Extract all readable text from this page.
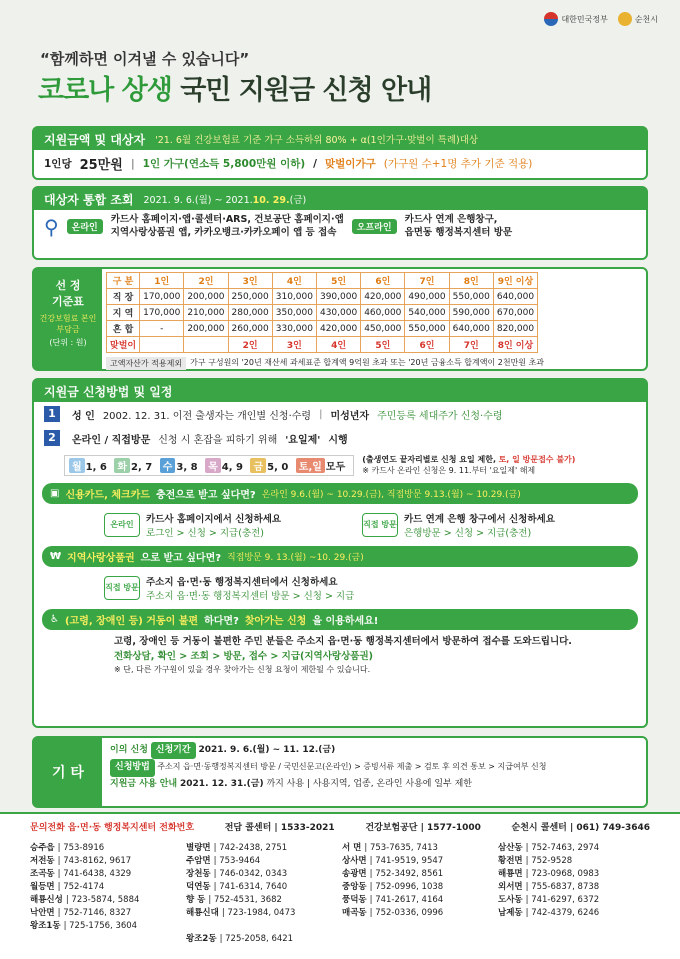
대한민국정부	순천시
“함께하면 이겨낼 수 있습니다”
코로나 상생 국민 지원금 신청 안내
지원금액 및 대상자 '21. 6월 건강보험료 기준 가구 소득하위 80% + α(1인가구·맞벌이 특례)대상
1인당 25만원 | 1인 가구(연소득 5,800만원 이하) / 맞벌이가구 (가구원 수+1명 추가 기준 적용)
대상자 통합 조회 2021. 9. 6.(월) ~ 2021.10. 29.(금)
⚲	온라인
카드사 홈페이지·앱·콜센터·ARS, 건보공단 홈페이지·앱
지역사랑상품권 앱, 카카오뱅크·카카오페이 앱 등 접속	오프라인
카드사 연계 은행창구,
읍면동 행정복지센터 방문
선 정
기준표
건강보험료 본인부담금
(단위 : 원)
구 분	1인	2인	3인	4인	5인	6인	7인	8인	9인 이상
직 장	170,000	200,000	250,000	310,000	390,000	420,000	490,000	550,000	640,000
지 역	170,000	210,000	280,000	350,000	430,000	460,000	540,000	590,000	670,000
혼 합	-	200,000	260,000	330,000	420,000	450,000	550,000	640,000	820,000
맞벌이			2인	3인	4인	5인	6인	7인	8인 이상
고액자산가 적용제외	가구 구성원의 '20년 재산세 과세표준 합계액 9억원 초과 또는 '20년 금융소득 합계액이 2천만원 초과
지원금 신청방법 및 일정
1	성 인 2002. 12. 31. 이전 출생자는 개인별 신청·수령 | 미성년자 주민등록 세대주가 신청·수령
2	온라인 / 직접방문 신청 시 혼잡을 피하기 위해 '요일제' 시행
월 1, 6 화 2, 7 수 3, 8 목 4, 9 금 5, 0 토,일 모두
(출생연도 끝자리별로 신청 요일 제한, 토, 일 방문접수 불가)
※ 카드사 온라인 신청은 9. 11.부터 '요일제' 해제
▣ 신용카드, 체크카드 충전으로 받고 싶다면? 온라인 9.6.(월) ~ 10.29.(금), 직접방문 9.13.(월) ~ 10.29.(금)
온라인	카드사 홈페이지에서 신청하세요
로그인 > 신청 > 지급(충전)
직접 방문 카드 연계 은행 창구에서 신청하세요
은행방문 > 신청 > 지급(충전)
₩ 지역사랑상품권 으로 받고 싶다면? 직접방문 9. 13.(월) ~10. 29.(금)
직접 방문 주소지 읍·면·동 행정복지센터에서 신청하세요
주소지 읍·면·동 행정복지센터 방문 > 신청 > 지급
♿ (고령, 장애인 등) 거동이 불편 하다면? 찾아가는 신청 을 이용하세요!
고령, 장애인 등 거동이 불편한 주민 분들은 주소지 읍·면·동 행정복지센터에서 방문하여 접수를 도와드립니다.
전화상담, 확인 > 조회 > 방문, 접수 > 지급(지역사랑상품권)
※ 단, 다른 가구원이 있을 경우 찾아가는 신청 요청이 제한될 수 있습니다.
기 타
이의 신청 신청기간 2021. 9. 6.(월) ~ 11. 12.(금)
신청방법 주소지 읍·면·동행정복지센터 방문 / 국민신문고(온라인) > 증빙서류 제출 > 검토 후 의견 통보 > 지급여부 신청
지원금 사용 안내 2021. 12. 31.(금) 까지 사용 | 사용지역, 업종, 온라인 사용에 일부 제한
문의전화 읍·면·동 행정복지센터 전화번호	전담 콜센터 | 1533-2021	건강보험공단 | 1577-1000	순천시 콜센터 | 061) 749-3646
승주읍 | 753-8916	별량면 | 742-2438, 2751	서 면 | 753-7635, 7413	삼산동 | 752-7463, 2974
저전동 | 743-8162, 9617	주암면 | 753-9464	상사면 | 741-9519, 9547	황전면 | 752-9528
조곡동 | 741-6438, 4329	장천동 | 746-0342, 0343	송광면 | 752-3492, 8561	해룡면 | 723-0968, 0983
월등면 | 752-4174	덕연동 | 741-6314, 7640	중앙동 | 752-0996, 1038	외서면 | 755-6837, 8738
해룡신성 | 723-5874, 5884	향 동 | 752-4531, 3682	풍덕동 | 741-2617, 4164	도사동 | 741-6297, 6372
낙안면 | 752-7146, 8327	해룡신대 | 723-1984, 0473	매곡동 | 752-0336, 0996	남제동 | 742-4379, 6246
왕조1동 | 725-1756, 3604
왕조2동 | 725-2058, 6421
